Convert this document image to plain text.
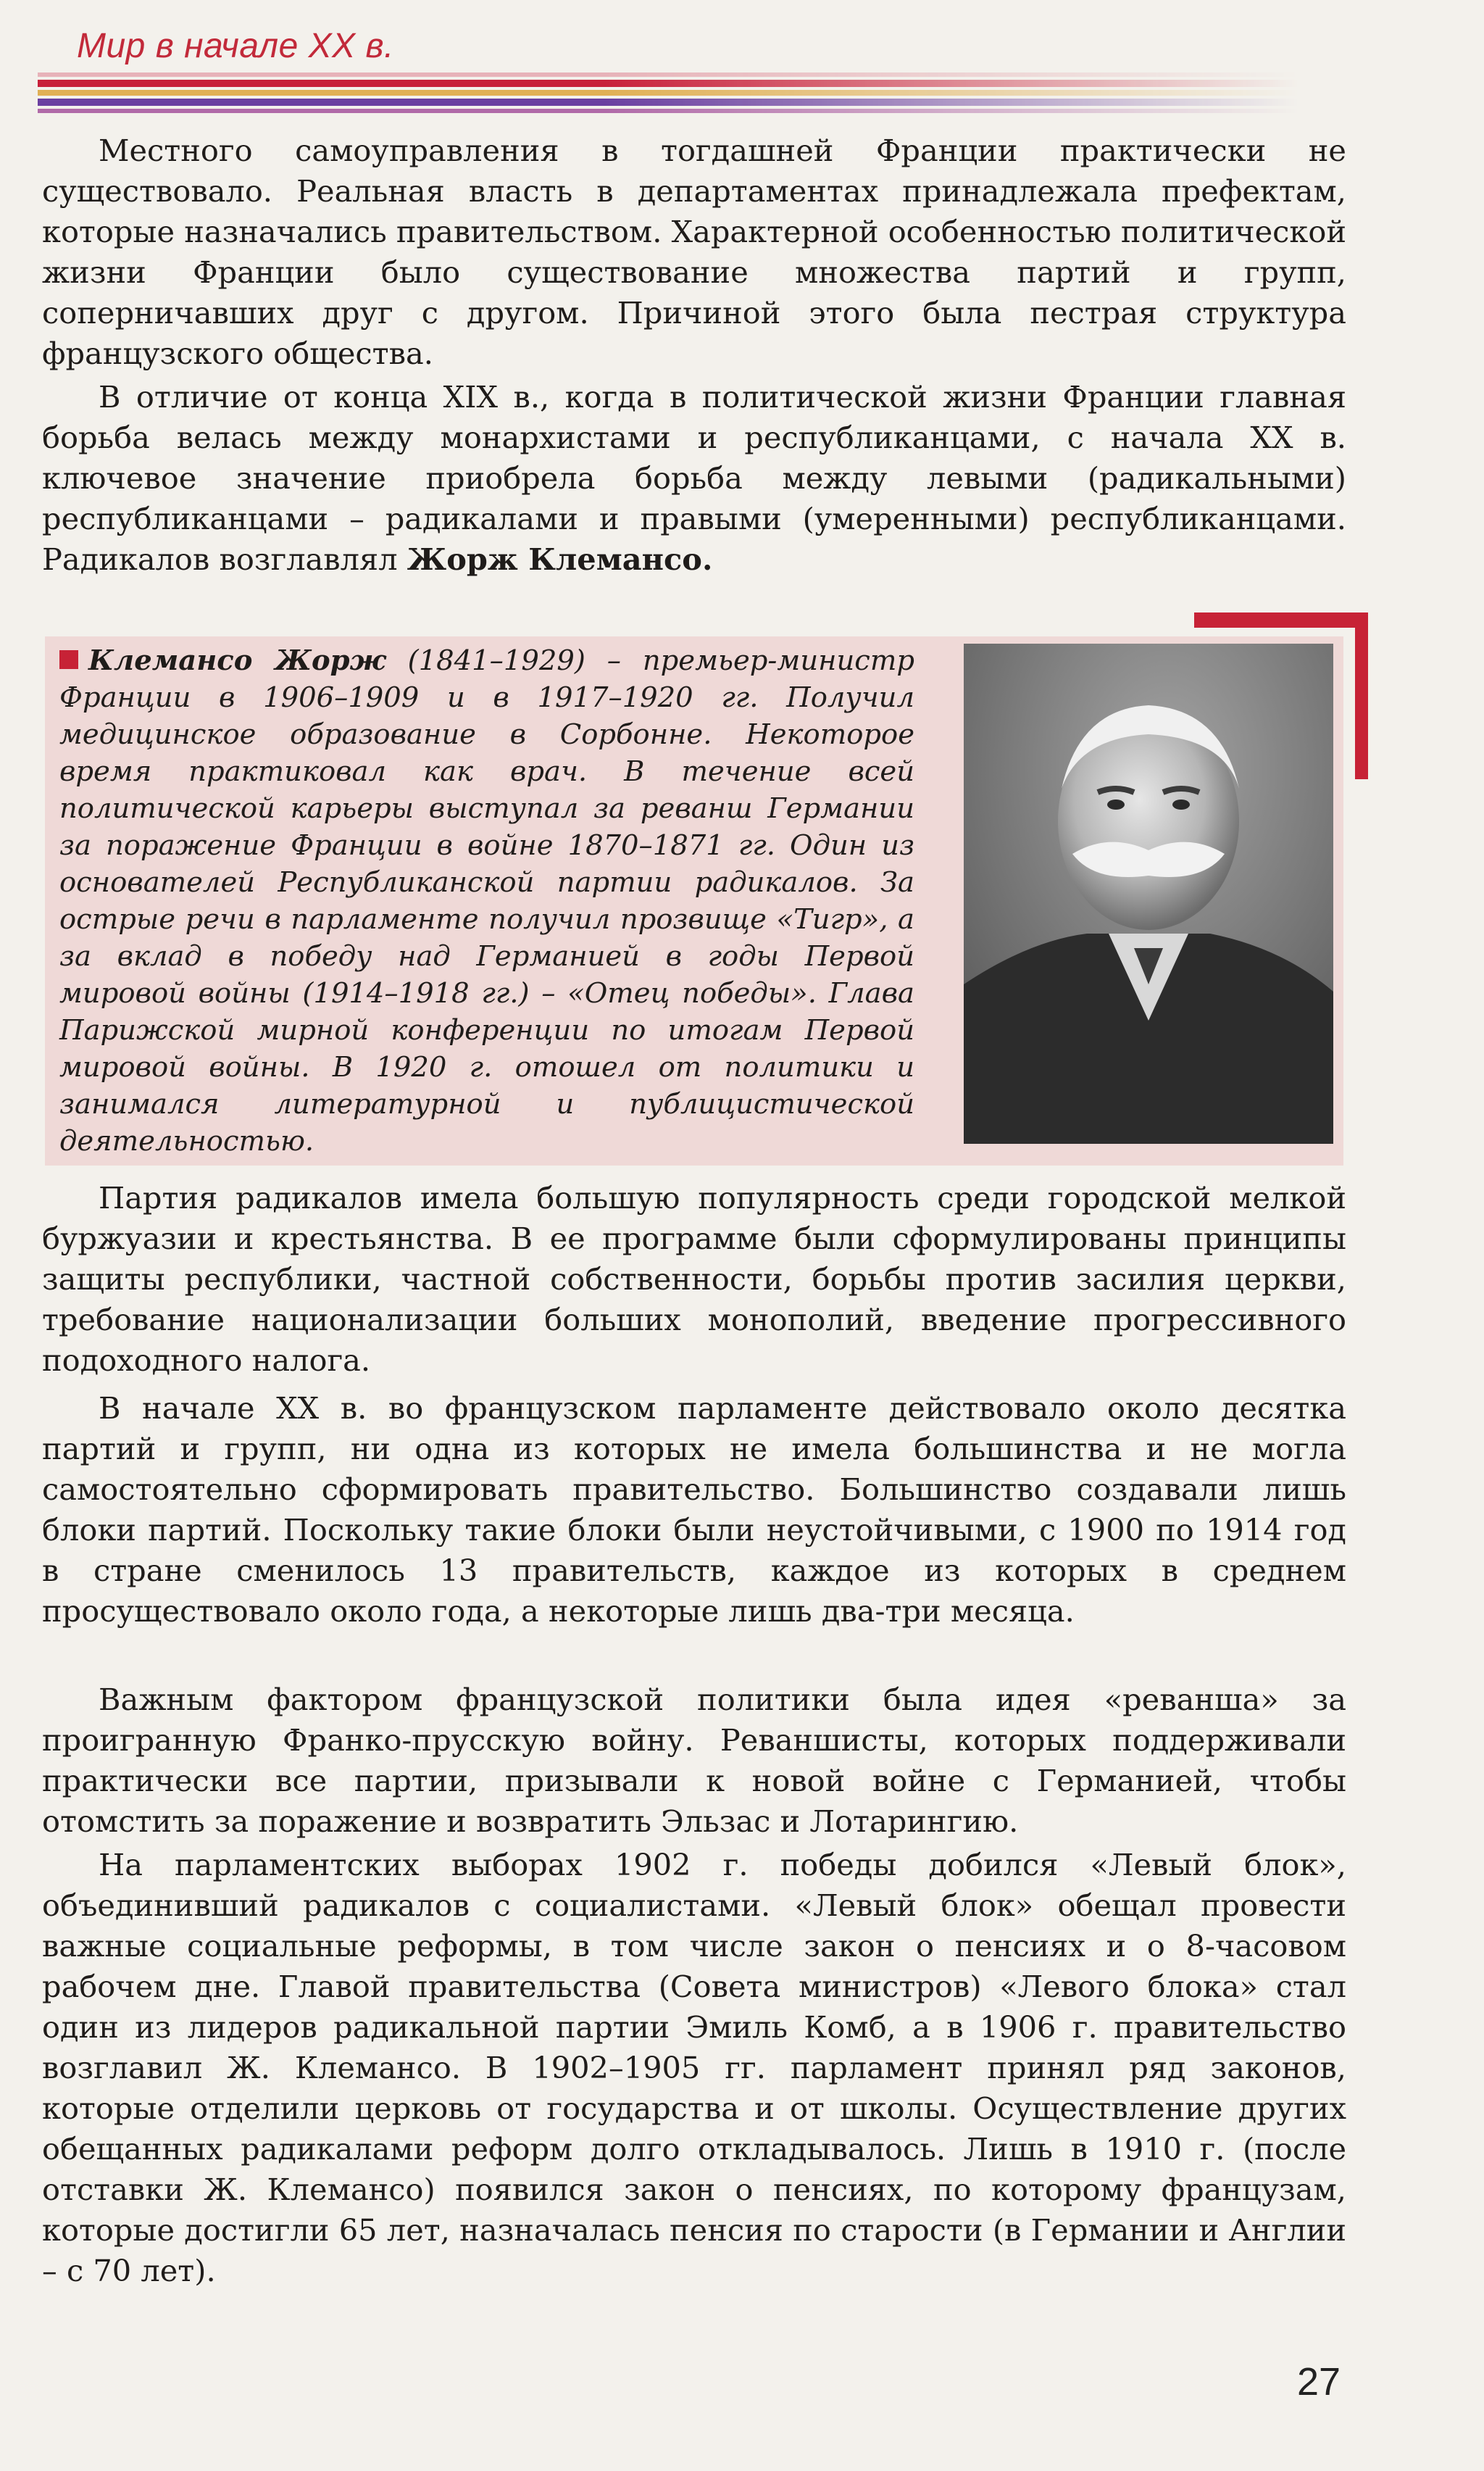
Мир в начале XX в.

Местного самоуправления в тогдашней Франции практически не существовало. Реальная власть в департаментах принадлежала префектам, которые назначались правительством. Характерной особенностью политической жизни Франции было существование множества партий и групп, соперничавших друг с другом. Причиной этого была пестрая структура французского общества.

В отличие от конца XIX в., когда в политической жизни Франции главная борьба велась между монархистами и республиканцами, с начала XX в. ключевое значение приобрела борьба между левыми (радикальными) республиканцами – радикалами и правыми (умеренными) республиканцами. Радикалов возглавлял Жорж Клемансо.

Клемансо Жорж (1841–1929) – премьер-министр Франции в 1906–1909 и в 1917–1920 гг. Получил медицинское образование в Сорбонне. Некоторое время практиковал как врач. В течение всей политической карьеры выступал за реванш Германии за поражение Франции в войне 1870–1871 гг. Один из основателей Республиканской партии радикалов. За острые речи в парламенте получил прозвище «Тигр», а за вклад в победу над Германией в годы Первой мировой войны (1914–1918 гг.) – «Отец победы». Глава Парижской мирной конференции по итогам Первой мировой войны. В 1920 г. отошел от политики и занимался литературной и публицистической деятельностью.

Партия радикалов имела большую популярность среди городской мелкой буржуазии и крестьянства. В ее программе были сформулированы принципы защиты республики, частной собственности, борьбы против засилия церкви, требование национализации больших монополий, введение прогрессивного подоходного налога.

В начале XX в. во французском парламенте действовало около десятка партий и групп, ни одна из которых не имела большинства и не могла самостоятельно сформировать правительство. Большинство создавали лишь блоки партий. Поскольку такие блоки были неустойчивыми, с 1900 по 1914 год в стране сменилось 13 правительств, каждое из которых в среднем просуществовало около года, а некоторые лишь два-три месяца.

Важным фактором французской политики была идея «реванша» за проигранную Франко-прусскую войну. Реваншисты, которых поддерживали практически все партии, призывали к новой войне с Германией, чтобы отомстить за поражение и возвратить Эльзас и Лотарингию.

На парламентских выборах 1902 г. победы добился «Левый блок», объединивший радикалов с социалистами. «Левый блок» обещал провести важные социальные реформы, в том числе закон о пенсиях и о 8-часовом рабочем дне. Главой правительства (Совета министров) «Левого блока» стал один из лидеров радикальной партии Эмиль Комб, а в 1906 г. правительство возглавил Ж. Клемансо. В 1902–1905 гг. парламент принял ряд законов, которые отделили церковь от государства и от школы. Осуществление других обещанных радикалами реформ долго откладывалось. Лишь в 1910 г. (после отставки Ж. Клемансо) появился закон о пенсиях, по которому французам, которые достигли 65 лет, назначалась пенсия по старости (в Германии и Англии – с 70 лет).

27
